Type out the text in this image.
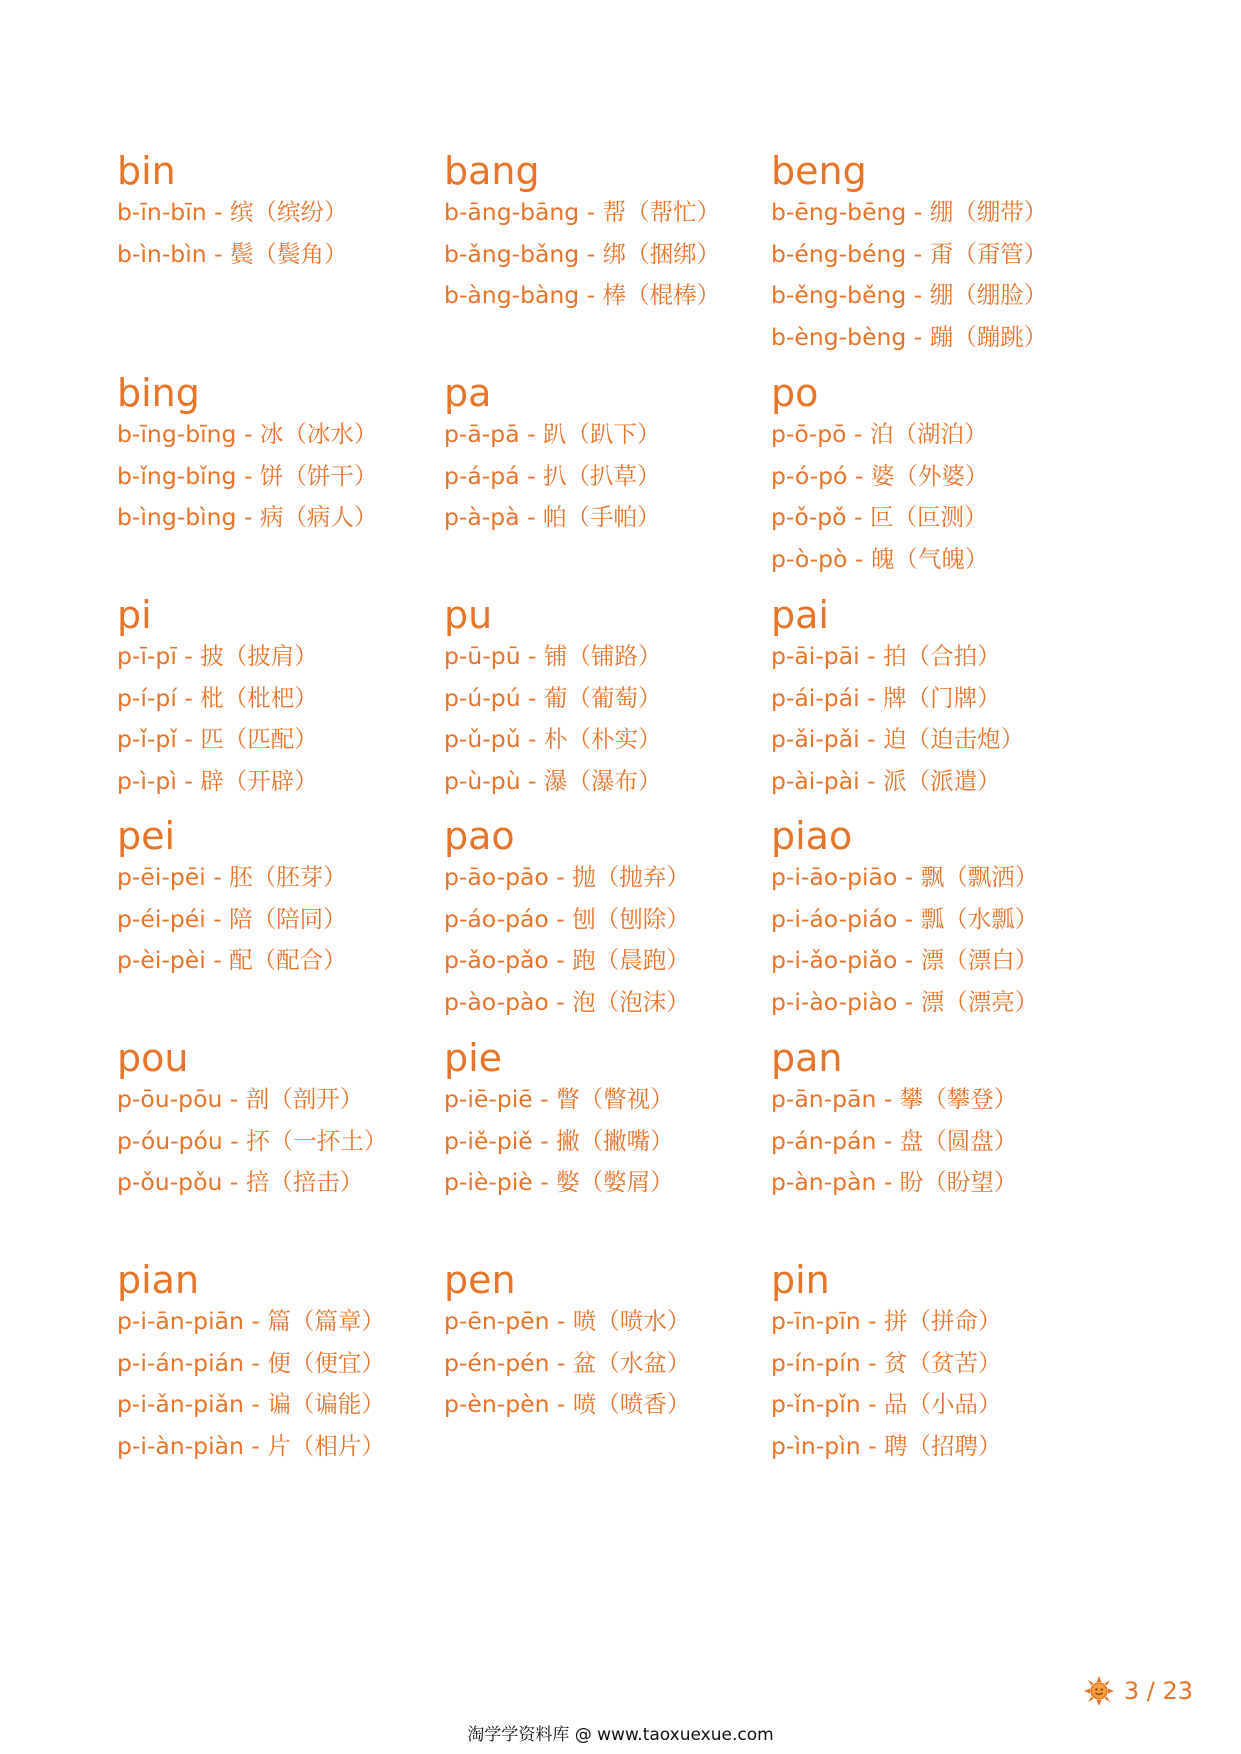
bin
b-īn-bīn - 缤（缤纷）
b-ìn-bìn - 鬓（鬓角）
bang
b-āng-bāng - 帮（帮忙）
b-ǎng-bǎng - 绑（捆绑）
b-àng-bàng - 棒（棍棒）
beng
b-ēng-bēng - 绷（绷带）
b-éng-béng - 甭（甭管）
b-ěng-běng - 绷（绷脸）
b-èng-bèng - 蹦（蹦跳）
bing
b-īng-bīng - 冰（冰水）
b-ǐng-bǐng - 饼（饼干）
b-ìng-bìng - 病（病人）
pa
p-ā-pā - 趴（趴下）
p-á-pá - 扒（扒草）
p-à-pà - 帕（手帕）
po
p-ō-pō - 泊（湖泊）
p-ó-pó - 婆（外婆）
p-ǒ-pǒ - 叵（叵测）
p-ò-pò - 魄（气魄）
pi
p-ī-pī - 披（披肩）
p-í-pí - 枇（枇杷）
p-ǐ-pǐ - 匹（匹配）
p-ì-pì - 辟（开辟）
pu
p-ū-pū - 铺（铺路）
p-ú-pú - 葡（葡萄）
p-ǔ-pǔ - 朴（朴实）
p-ù-pù - 瀑（瀑布）
pai
p-āi-pāi - 拍（合拍）
p-ái-pái - 牌（门牌）
p-ǎi-pǎi - 迫（迫击炮）
p-ài-pài - 派（派遣）
pei
p-ēi-pēi - 胚（胚芽）
p-éi-péi - 陪（陪同）
p-èi-pèi - 配（配合）
pao
p-āo-pāo - 抛（抛弃）
p-áo-páo - 刨（刨除）
p-ǎo-pǎo - 跑（晨跑）
p-ào-pào - 泡（泡沫）
piao
p-i-āo-piāo - 飘（飘洒）
p-i-áo-piáo - 瓢（水瓢）
p-i-ǎo-piǎo - 漂（漂白）
p-i-ào-piào - 漂（漂亮）
pou
p-ōu-pōu - 剖（剖开）
p-óu-póu - 抔（一抔土）
p-ǒu-pǒu - 掊（掊击）
pie
p-iē-piē - 瞥（瞥视）
p-iě-piě - 撇（撇嘴）
p-iè-piè - 嫳（嫳屑）
pan
p-ān-pān - 攀（攀登）
p-án-pán - 盘（圆盘）
p-àn-pàn - 盼（盼望）
pian
p-i-ān-piān - 篇（篇章）
p-i-án-pián - 便（便宜）
p-i-ǎn-piǎn - 谝（谝能）
p-i-àn-piàn - 片（相片）
pen
p-ēn-pēn - 喷（喷水）
p-én-pén - 盆（水盆）
p-èn-pèn - 喷（喷香）
pin
p-īn-pīn - 拼（拼命）
p-ín-pín - 贫（贫苦）
p-ǐn-pǐn - 品（小品）
p-ìn-pìn - 聘（招聘）
3 / 23
淘学学资料库 @ www.taoxuexue.com
